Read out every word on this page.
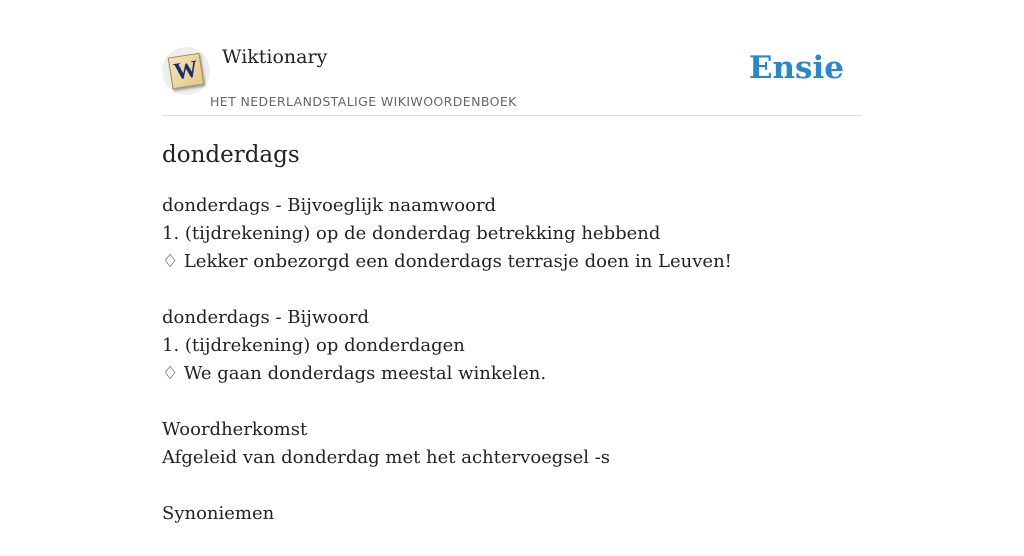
W Wiktionary
HET NEDERLANDSTALIGE WIKIWOORDENBOEK
Ensie
donderdags
donderdags - Bijvoeglijk naamwoord
1. (tijdrekening) op de donderdag betrekking hebbend
♢ Lekker onbezorgd een donderdags terrasje doen in Leuven!
donderdags - Bijwoord
1. (tijdrekening) op donderdagen
♢ We gaan donderdags meestal winkelen.
Woordherkomst
Afgeleid van donderdag met het achtervoegsel -s
Synoniemen
